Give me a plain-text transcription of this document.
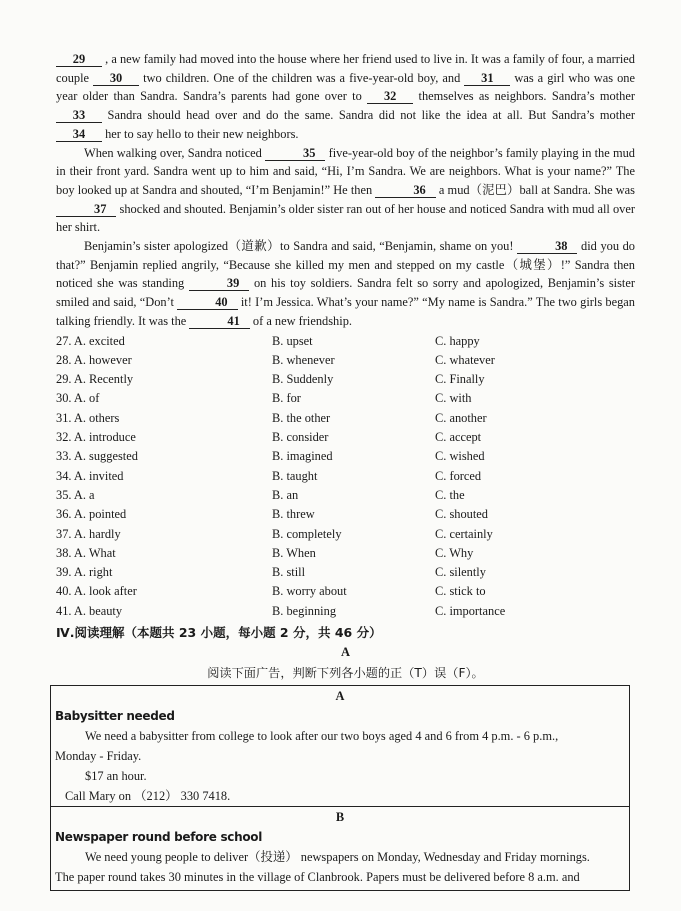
29 , a new family had moved into the house where her friend used to live in. It was a family of four, a married couple 30 two children. One of the children was a five-year-old boy, and 31 was a girl who was one year older than Sandra. Sandra’s parents had gone over to 32 themselves as neighbors. Sandra’s mother 33 Sandra should head over and do the same. Sandra did not like the idea at all. But Sandra’s mother 34 her to say hello to their new neighbors.

When walking over, Sandra noticed	35 five-year-old boy of the neighbor’s family playing in the mud in their front yard. Sandra went up to him and said, “Hi, I’m Sandra. We are neighbors. What is your name?” The boy looked up at Sandra and shouted, “I’m Benjamin!” He then	36 a mud（泥巴）ball at Sandra. She was 37 shocked and shouted. Benjamin’s older sister ran out of her house and noticed Sandra with mud all over her shirt.

Benjamin’s sister apologized（道歉）to Sandra and said, “Benjamin, shame on you!	38 did you do that?” Benjamin replied angrily, “Because she killed my men and stepped on my castle（城堡）!” Sandra then noticed she was standing	39 on his toy soldiers. Sandra felt so sorry and apologized, Benjamin’s sister smiled and said, “Don’t	40 it! I’m Jessica. What’s your name?” “My name is Sandra.” The two girls began talking friendly. It was the	41 of a new friendship.

27. A. excited	B. upset	C. happy
28. A. however	B. whenever	C. whatever
29. A. Recently	B. Suddenly	C. Finally
30. A. of	B. for	C. with
31. A. others	B. the other	C. another
32. A. introduce	B. consider	C. accept
33. A. suggested	B. imagined	C. wished
34. A. invited	B. taught	C. forced
35. A. a	B. an	C. the
36. A. pointed	B. threw	C. shouted
37. A. hardly	B. completely	C. certainly
38. A. What	B. When	C. Why
39. A. right	B. still	C. silently
40. A. look after	B. worry about	C. stick to
41. A. beauty	B. beginning	C. importance
Ⅳ.阅读理解（本题共 23 小题，每小题 2 分，共 46 分）
A
阅读下面广告，判断下列各小题的正（T）误（F）。
A
Babysitter needed
We need a babysitter from college to look after our two boys aged 4 and 6 from 4 p.m. - 6 p.m.,
Monday - Friday.
$17 an hour.
Call Mary on （212） 330 7418.
B
Newspaper round before school
We need young people to deliver（投递） newspapers on Monday, Wednesday and Friday mornings.
The paper round takes 30 minutes in the village of Clanbrook. Papers must be delivered before 8 a.m. and
